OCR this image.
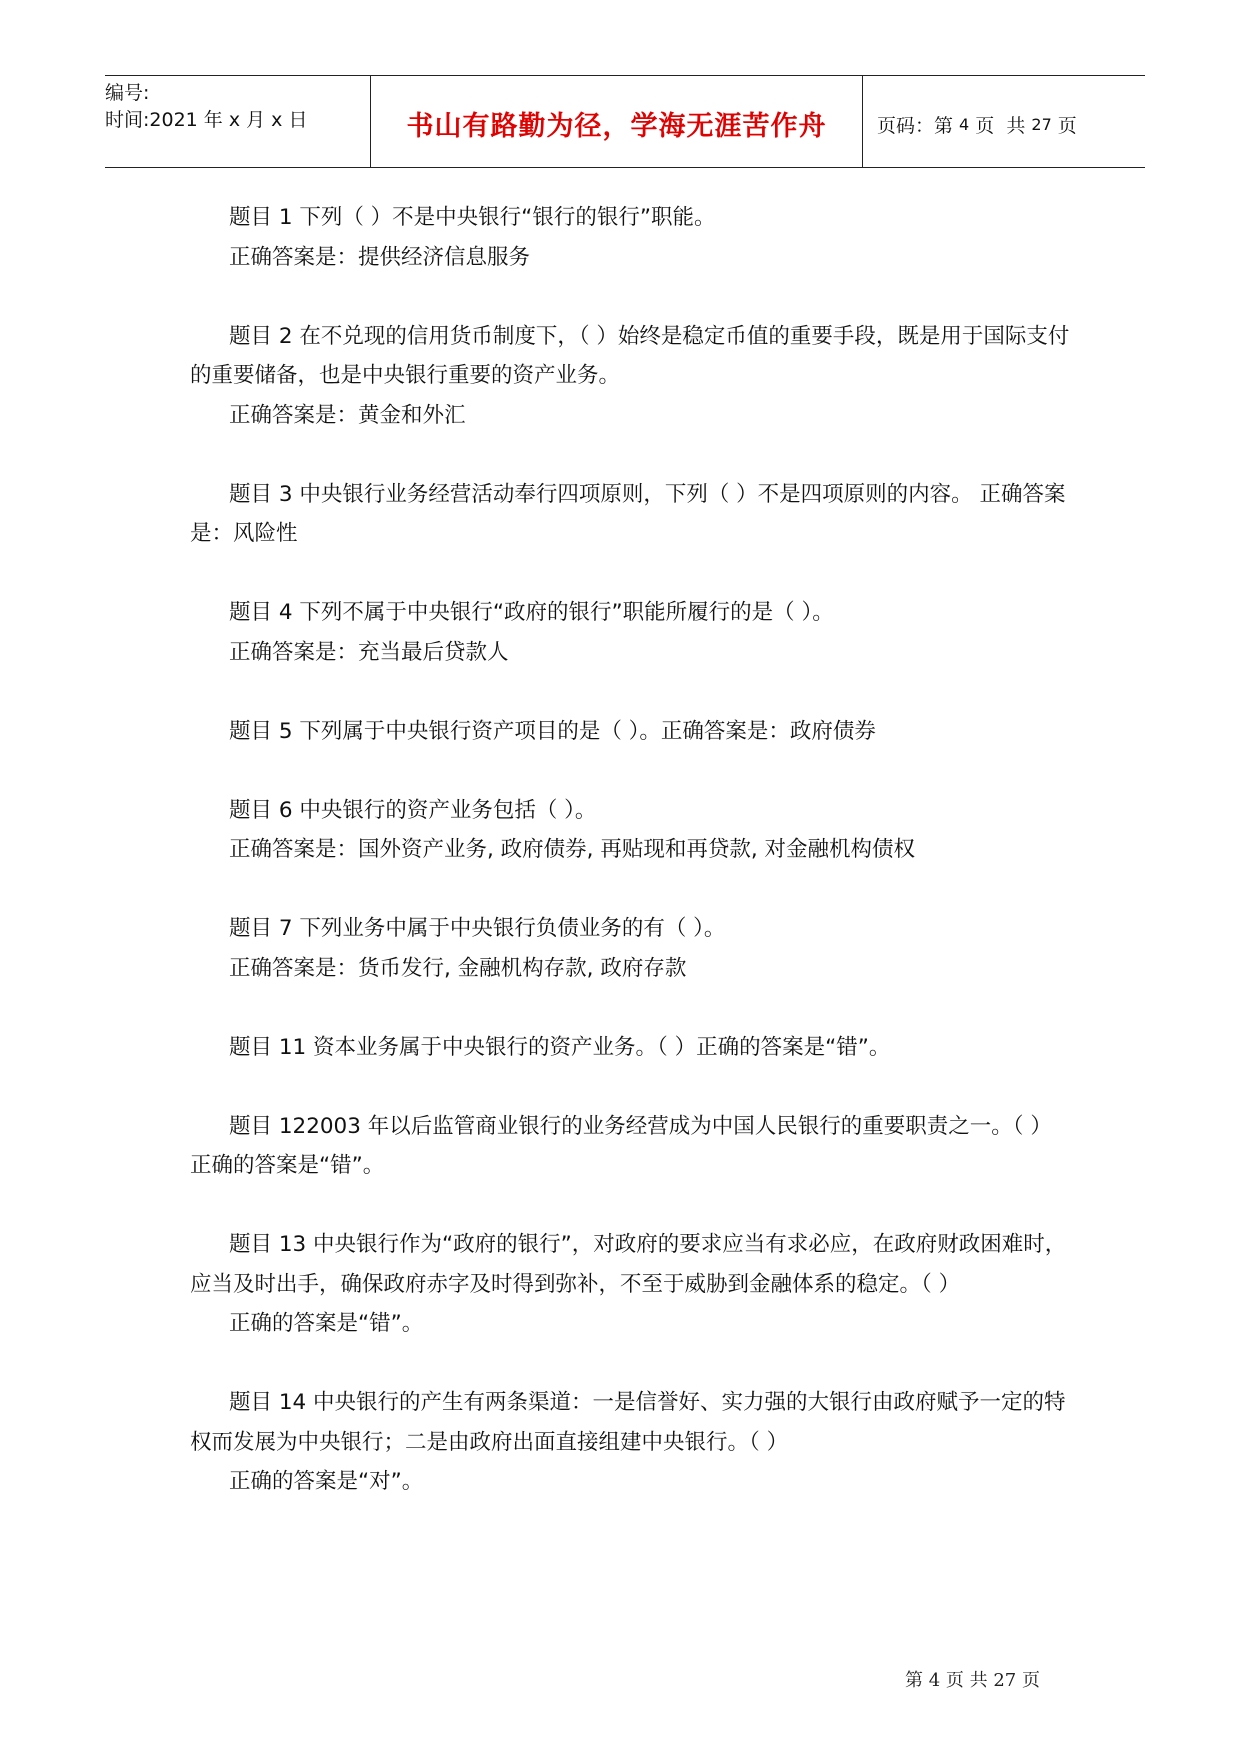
编号:
时间:2021 年 x 月 x 日	书山有路勤为径，学海无涯苦作舟	页码：第 4 页  共 27 页

题目 1 下列（ ）不是中央银行“银行的银行”职能。

正确答案是：提供经济信息服务

题目 2 在不兑现的信用货币制度下，（ ）始终是稳定币值的重要手段，既是用于国际支付的重要储备，也是中央银行重要的资产业务。

正确答案是：黄金和外汇

题目 3 中央银行业务经营活动奉行四项原则，下列（ ）不是四项原则的内容。 正确答案是：风险性

题目 4 下列不属于中央银行“政府的银行”职能所履行的是（ ）。

正确答案是：充当最后贷款人

题目 5 下列属于中央银行资产项目的是（ ）。正确答案是：政府债券

题目 6 中央银行的资产业务包括（ ）。

正确答案是：国外资产业务, 政府债券, 再贴现和再贷款, 对金融机构债权

题目 7 下列业务中属于中央银行负债业务的有（ ）。

正确答案是：货币发行, 金融机构存款, 政府存款

题目 11 资本业务属于中央银行的资产业务。（ ）正确的答案是“错”。

题目 122003 年以后监管商业银行的业务经营成为中国人民银行的重要职责之一。（ ）正确的答案是“错”。

题目 13 中央银行作为“政府的银行”，对政府的要求应当有求必应，在政府财政困难时，应当及时出手，确保政府赤字及时得到弥补，不至于威胁到金融体系的稳定。（ ）

正确的答案是“错”。

题目 14 中央银行的产生有两条渠道：一是信誉好、实力强的大银行由政府赋予一定的特权而发展为中央银行；二是由政府出面直接组建中央银行。（ ）

正确的答案是“对”。

第 4 页 共 27 页
